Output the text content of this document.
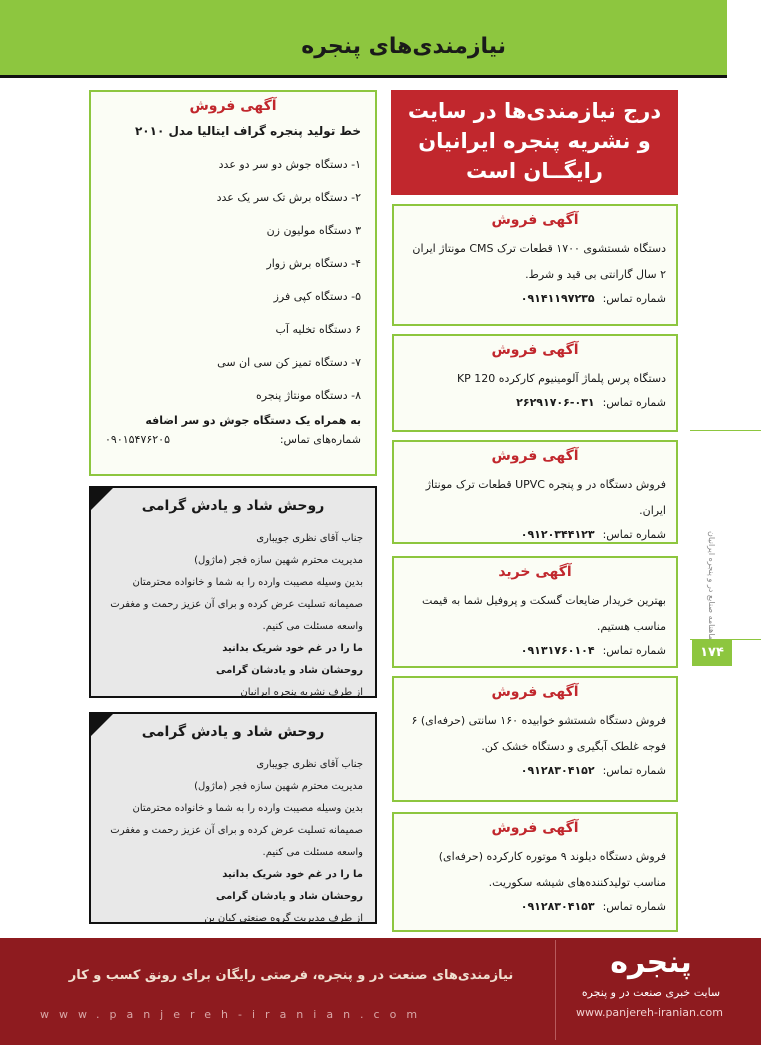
نیازمندی‌های پنجره
ماهنامه صنایع در و پنجره ایرانیان
۱۷۴
درج نیازمندی‌ها در سایت
و نشریه پنجره ایرانیان
رایگــان است
آگهی فروش
دستگاه شستشوی ۱۷۰۰ قطعات ترک CMS مونتاژ ایران ۲ سال گارانتی بی قید و شرط.
شماره تماس:۰۹۱۴۱۱۹۷۲۳۵
آگهی فروش
دستگاه پرس پلماژ آلومینیوم کارکرده KP 120
شماره تماس:۰۳۱-۲۶۲۹۱۷۰۶
آگهی فروش
فروش دستگاه در و پنجره UPVC قطعات ترک مونتاژ ایران.
شماره تماس:۰۹۱۲۰۳۴۴۱۲۳
آگهی خرید
بهترین خریدار ضایعات گسکت و پروفیل شما به قیمت مناسب هستیم.
شماره تماس:۰۹۱۳۱۷۶۰۱۰۴
آگهی فروش
فروش دستگاه شستشو خوابیده ۱۶۰ سانتی (حرفه‌ای) ۶ فوجه غلطک آبگیری و دستگاه خشک کن.
شماره تماس:۰۹۱۲۸۳۰۴۱۵۲
آگهی فروش
فروش دستگاه دیلوند ۹ موتوره کارکرده (حرفه‌ای) مناسب تولیدکننده‌های شیشه سکوریت.
شماره تماس:۰۹۱۲۸۳۰۴۱۵۳
آگهی فروش
خط تولید پنجره گراف ایتالیا مدل ۲۰۱۰
۱- دستگاه جوش دو سر دو عدد
۲- دستگاه برش تک سر یک عدد
۳ دستگاه مولیون زن
۴- دستگاه برش زوار
۵- دستگاه کپی فرز
۶ دستگاه تخلیه آب
۷- دستگاه تمیز کن سی ان سی
۸- دستگاه مونتاژ پنجره
به همراه یک دستگاه جوش دو سر اضافه
شماره‌های تماس:
۰۹۰۱۵۴۷۶۲۰۵
روحش شاد و یادش گرامی

جناب آقای نظری جویباری

مدیریت محترم شهین سازه فجر (ماژول)

بدین وسیله مصیبت وارده را به شما و خانواده محترمتان

صمیمانه تسلیت عرض کرده و برای آن عزیز رحمت و مغفرت

واسعه مسئلت می کنیم.

ما را در غم خود شریک بدانید

روحشان شاد و یادشان گرامی

از طرف نشریه پنجره ایرانیان

روحش شاد و یادش گرامی

جناب آقای نظری جویباری

مدیریت محترم شهین سازه فجر (ماژول)

بدین وسیله مصیبت وارده را به شما و خانواده محترمتان

صمیمانه تسلیت عرض کرده و برای آن عزیز رحمت و مغفرت

واسعه مسئلت می کنیم.

ما را در غم خود شریک بدانید

روحشان شاد و یادشان گرامی

از طرف مدیریت گروه صنعتی کیان بن

نیازمندی‌های صنعت در و پنجره، فرصتی رایگان برای رونق کسب و کار
www.panjereh-iranian.com
پنجره
سایت خبری صنعت در و پنجره
www.panjereh-iranian.com
